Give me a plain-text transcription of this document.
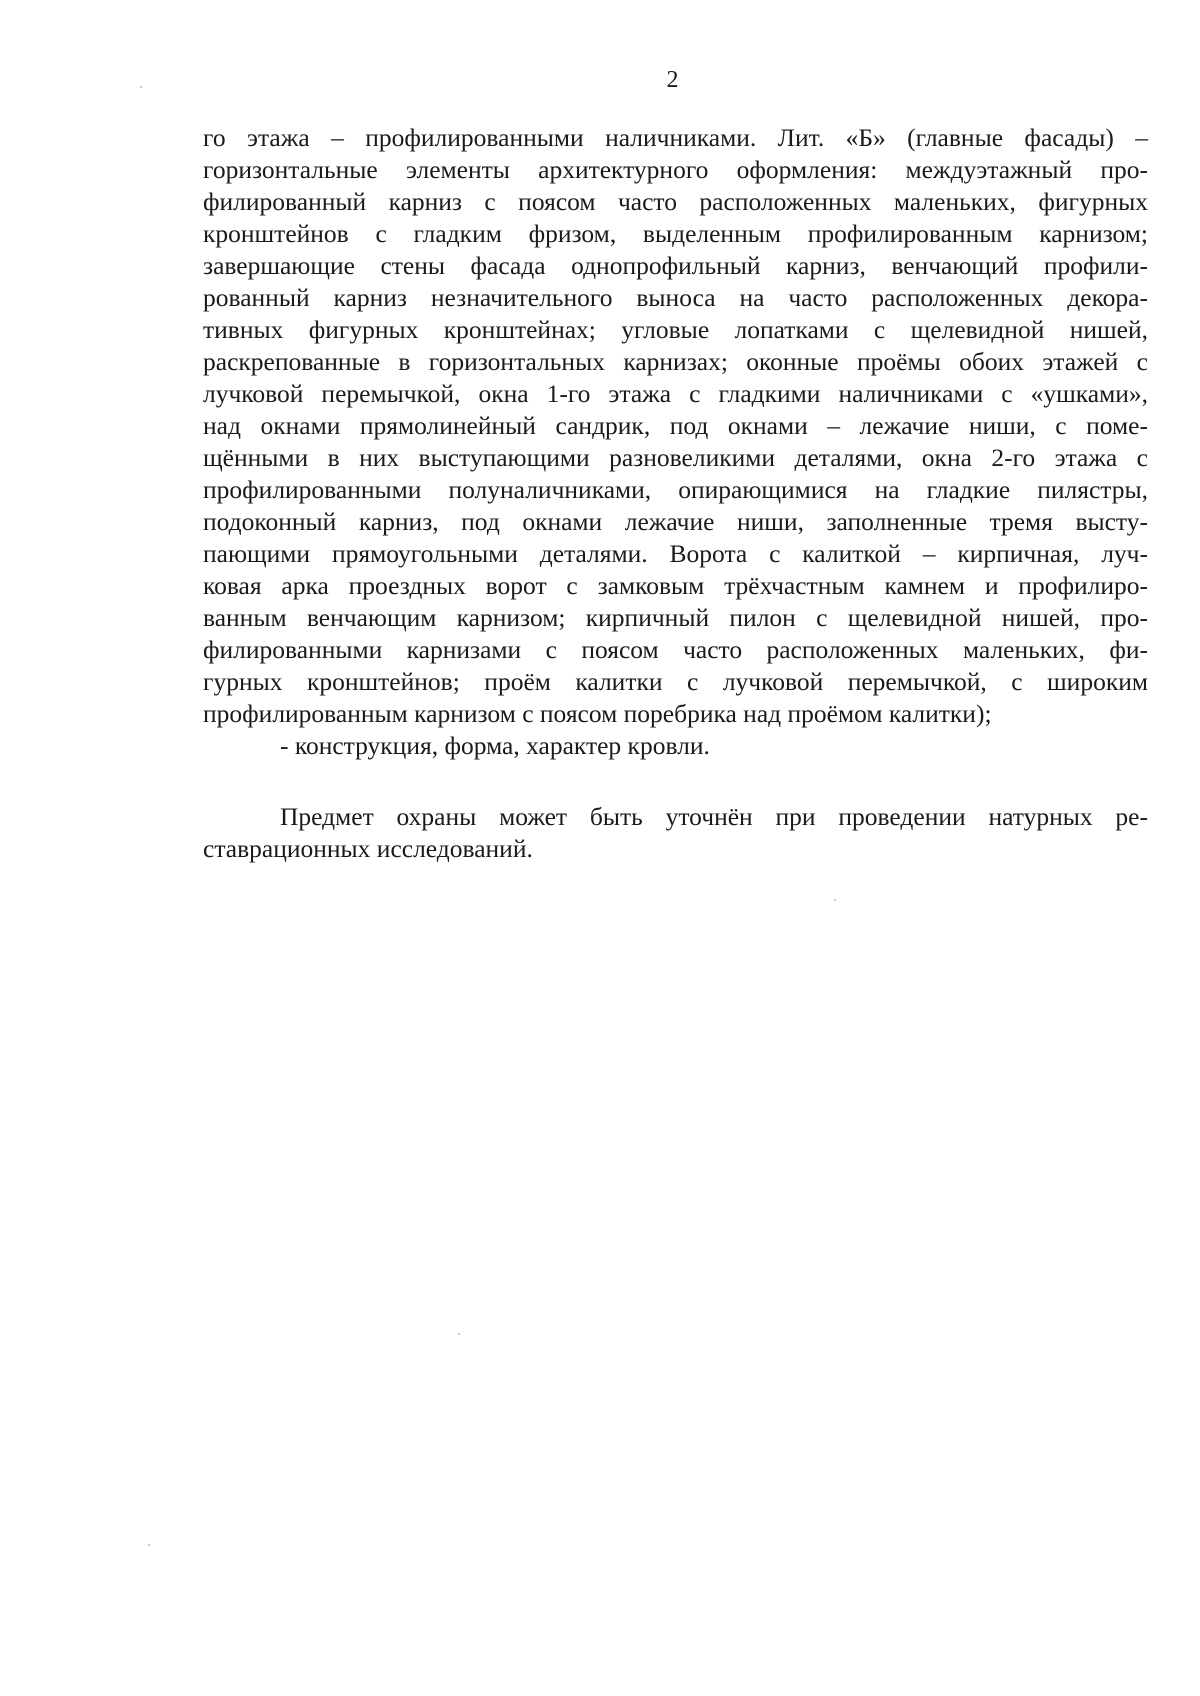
2
го этажа – профилированными наличниками. Лит. «Б» (главные фасады) –
горизонтальные элементы архитектурного оформления: междуэтажный про-
филированный карниз с поясом часто расположенных маленьких, фигурных
кронштейнов с гладким фризом, выделенным профилированным карнизом;
завершающие стены фасада однопрофильный карниз, венчающий профили-
рованный карниз незначительного выноса на часто расположенных декора-
тивных фигурных кронштейнах; угловые лопатками с щелевидной нишей,
раскрепованные в горизонтальных карнизах; оконные проёмы обоих этажей с
лучковой перемычкой, окна 1-го этажа с гладкими наличниками с «ушками»,
над окнами прямолинейный сандрик, под окнами – лежачие ниши, с поме-
щёнными в них выступающими разновеликими деталями, окна 2-го этажа с
профилированными полуналичниками, опирающимися на гладкие пилястры,
подоконный карниз, под окнами лежачие ниши, заполненные тремя высту-
пающими прямоугольными деталями. Ворота с калиткой – кирпичная, луч-
ковая арка проездных ворот с замковым трёхчастным камнем и профилиро-
ванным венчающим карнизом; кирпичный пилон с щелевидной нишей, про-
филированными карнизами с поясом часто расположенных маленьких, фи-
гурных кронштейнов; проём калитки с лучковой перемычкой, с широким
профилированным карнизом с поясом поребрика над проёмом калитки);
- конструкция, форма, характер кровли.
Предмет охраны может быть уточнён при проведении натурных ре-
ставрационных исследований.
